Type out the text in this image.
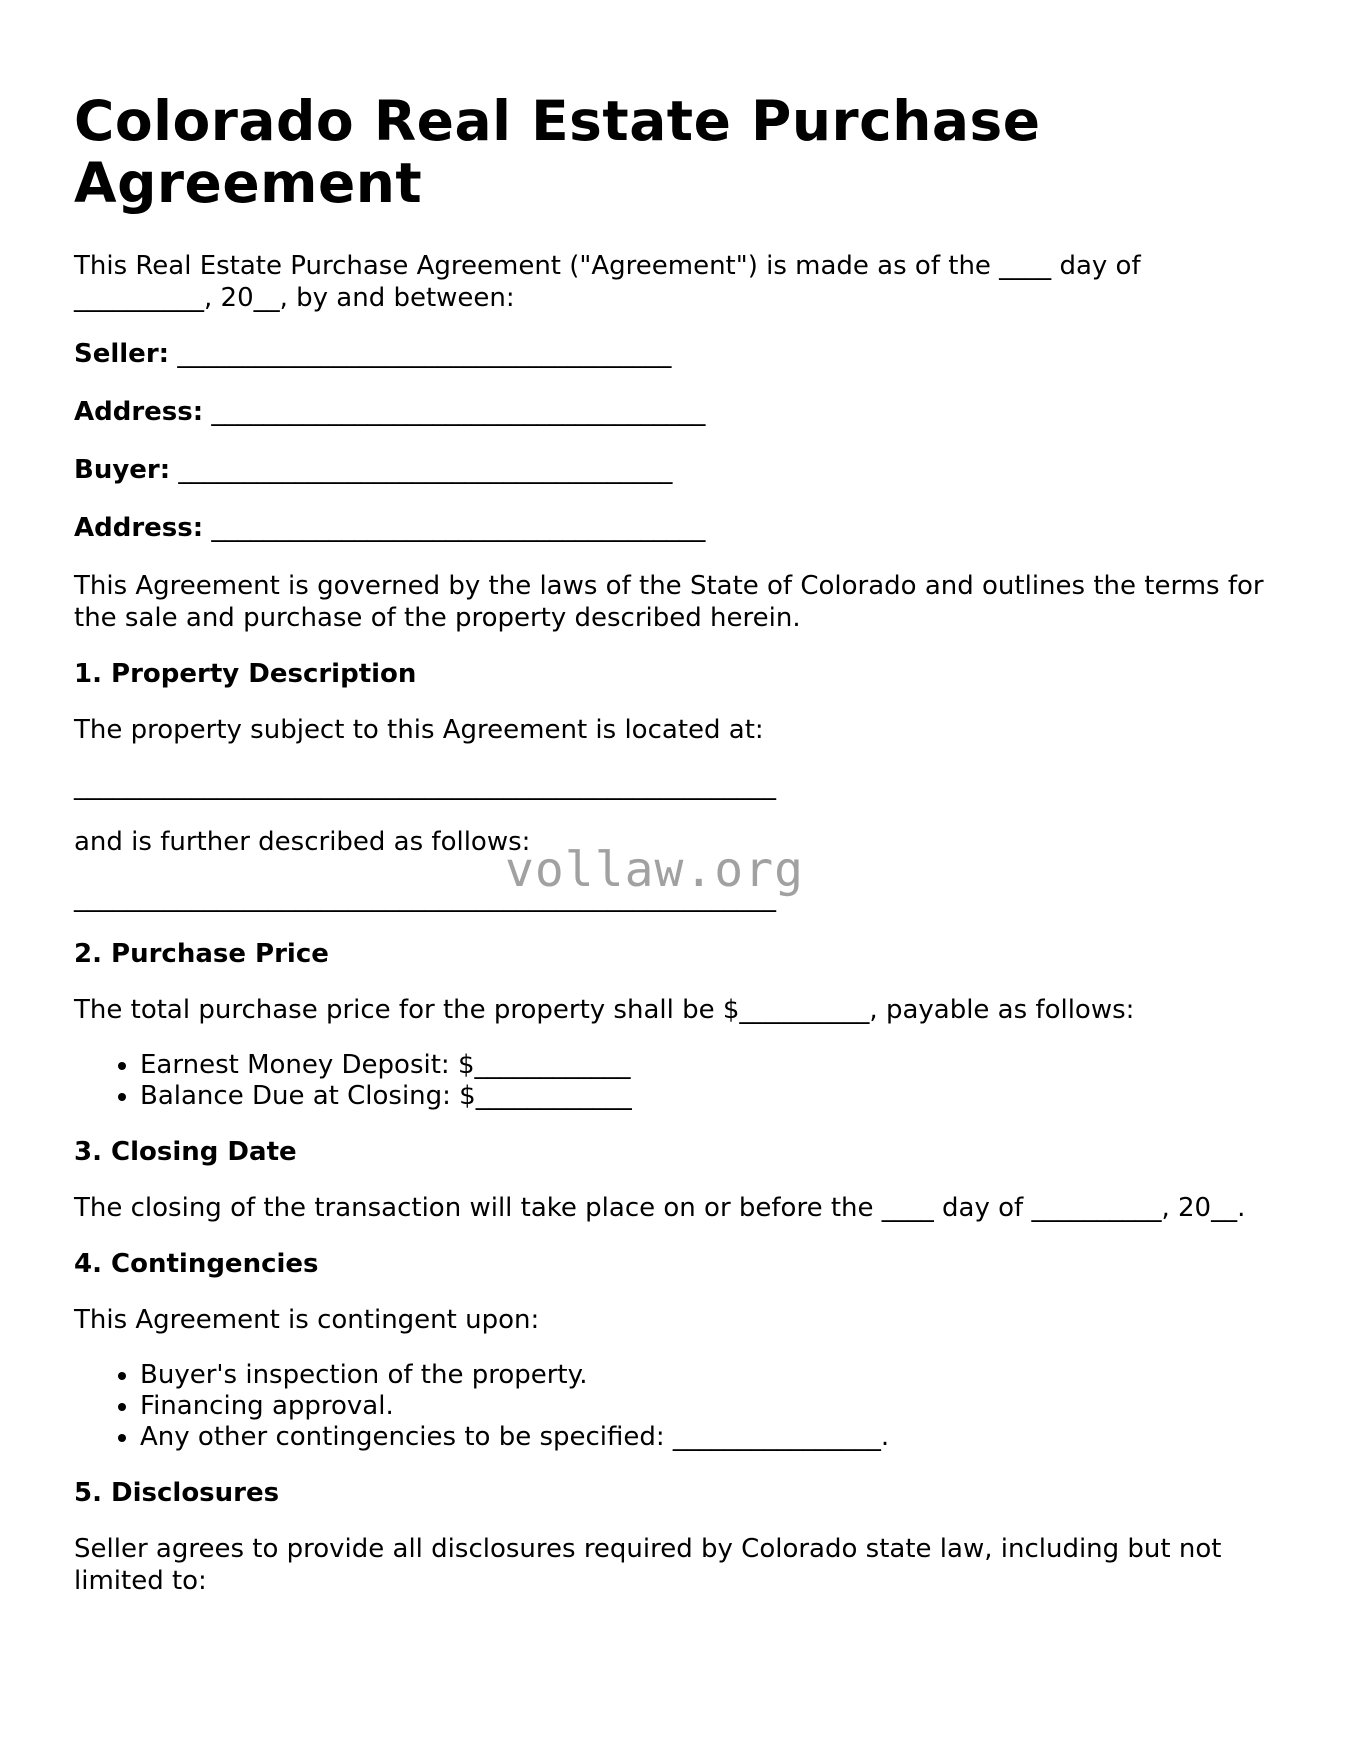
Colorado Real Estate Purchase Agreement

This Real Estate Purchase Agreement ("Agreement") is made as of the ____ day of __________, 20__, by and between:

Seller: ______________________________________
Address: ______________________________________
Buyer: ______________________________________
Address: ______________________________________

This Agreement is governed by the laws of the State of Colorado and outlines the terms for the sale and purchase of the property described herein.

1. Property Description

The property subject to this Agreement is located at:

______________________________________________________

and is further described as follows:

______________________________________________________
2. Purchase Price

The total purchase price for the property shall be $__________, payable as follows:

• Earnest Money Deposit: $____________
• Balance Due at Closing: $____________
3. Closing Date

The closing of the transaction will take place on or before the ____ day of __________, 20__.

4. Contingencies

This Agreement is contingent upon:

• Buyer's inspection of the property.
• Financing approval.
• Any other contingencies to be specified: ________________.
5. Disclosures

Seller agrees to provide all disclosures required by Colorado state law, including but not limited to:

vollaw.org
